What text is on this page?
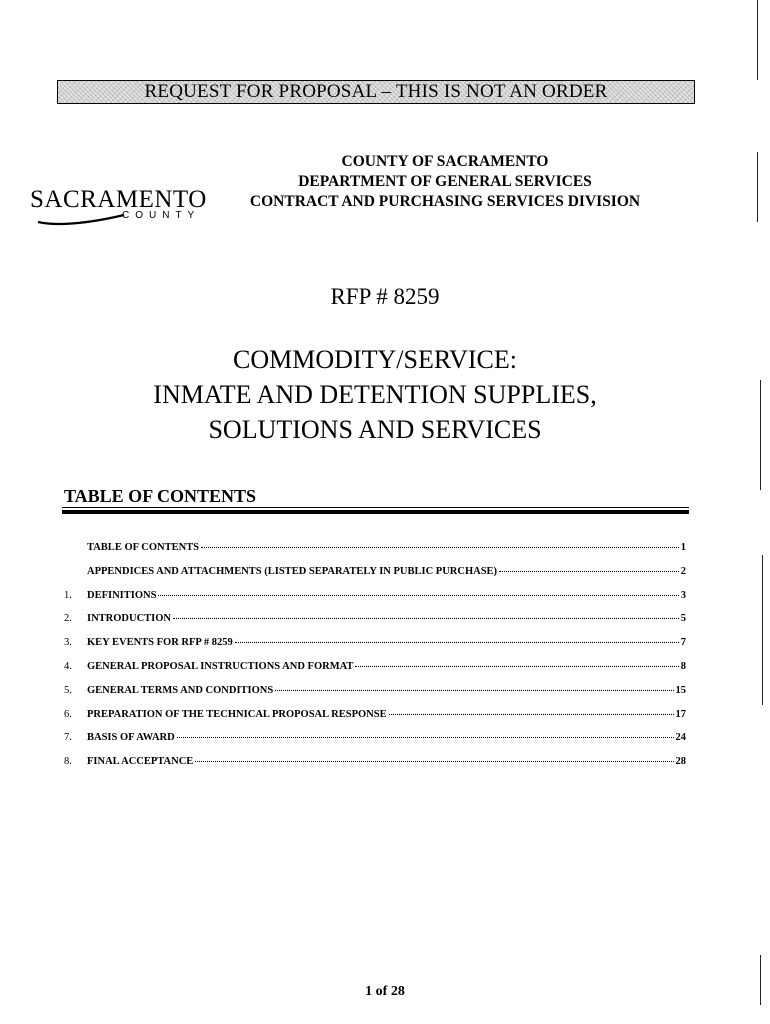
REQUEST FOR PROPOSAL – THIS IS NOT AN ORDER
SACRAMENTO
COUNTY
COUNTY OF SACRAMENTO
DEPARTMENT OF GENERAL SERVICES
CONTRACT AND PURCHASING SERVICES DIVISION
RFP # 8259
COMMODITY/SERVICE:
INMATE AND DETENTION SUPPLIES,
SOLUTIONS AND SERVICES
TABLE OF CONTENTS
TABLE OF CONTENTS	1
APPENDICES AND ATTACHMENTS (LISTED SEPARATELY IN PUBLIC PURCHASE)	2
1.	DEFINITIONS	3
2.	INTRODUCTION	5
3.	KEY EVENTS FOR RFP # 8259	7
4.	GENERAL PROPOSAL INSTRUCTIONS AND FORMAT	8
5.	GENERAL TERMS AND CONDITIONS	15
6.	PREPARATION OF THE TECHNICAL PROPOSAL RESPONSE	17
7.	BASIS OF AWARD	24
8.	FINAL ACCEPTANCE	28
1 of 28
